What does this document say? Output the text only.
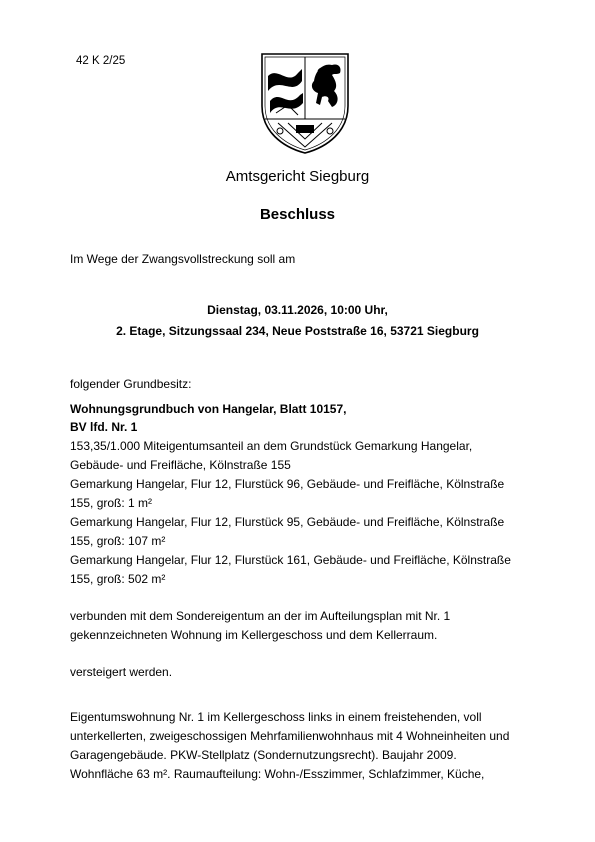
42 K 2/25
Amtsgericht Siegburg
Beschluss
Im Wege der Zwangsvollstreckung soll am
Dienstag, 03.11.2026, 10:00 Uhr,
2. Etage, Sitzungssaal 234, Neue Poststraße 16, 53721 Siegburg
folgender Grundbesitz:
Wohnungsgrundbuch von Hangelar, Blatt 10157,
BV lfd. Nr. 1
153,35/1.000 Miteigentumsanteil an dem Grundstück Gemarkung Hangelar,
Gebäude- und Freifläche, Kölnstraße 155
Gemarkung Hangelar, Flur 12, Flurstück 96, Gebäude- und Freifläche, Kölnstraße
155, groß: 1 m²
Gemarkung Hangelar, Flur 12, Flurstück 95, Gebäude- und Freifläche, Kölnstraße
155, groß: 107 m²
Gemarkung Hangelar, Flur 12, Flurstück 161, Gebäude- und Freifläche, Kölnstraße
155, groß: 502 m²
verbunden mit dem Sondereigentum an der im Aufteilungsplan mit Nr. 1
gekennzeichneten Wohnung im Kellergeschoss und dem Kellerraum.
versteigert werden.
Eigentumswohnung Nr. 1 im Kellergeschoss links in einem freistehenden, voll
unterkellerten, zweigeschossigen Mehrfamilienwohnhaus mit 4 Wohneinheiten und
Garagengebäude. PKW-Stellplatz (Sondernutzungsrecht). Baujahr 2009.
Wohnfläche 63 m². Raumaufteilung: Wohn-/Esszimmer, Schlafzimmer, Küche,
